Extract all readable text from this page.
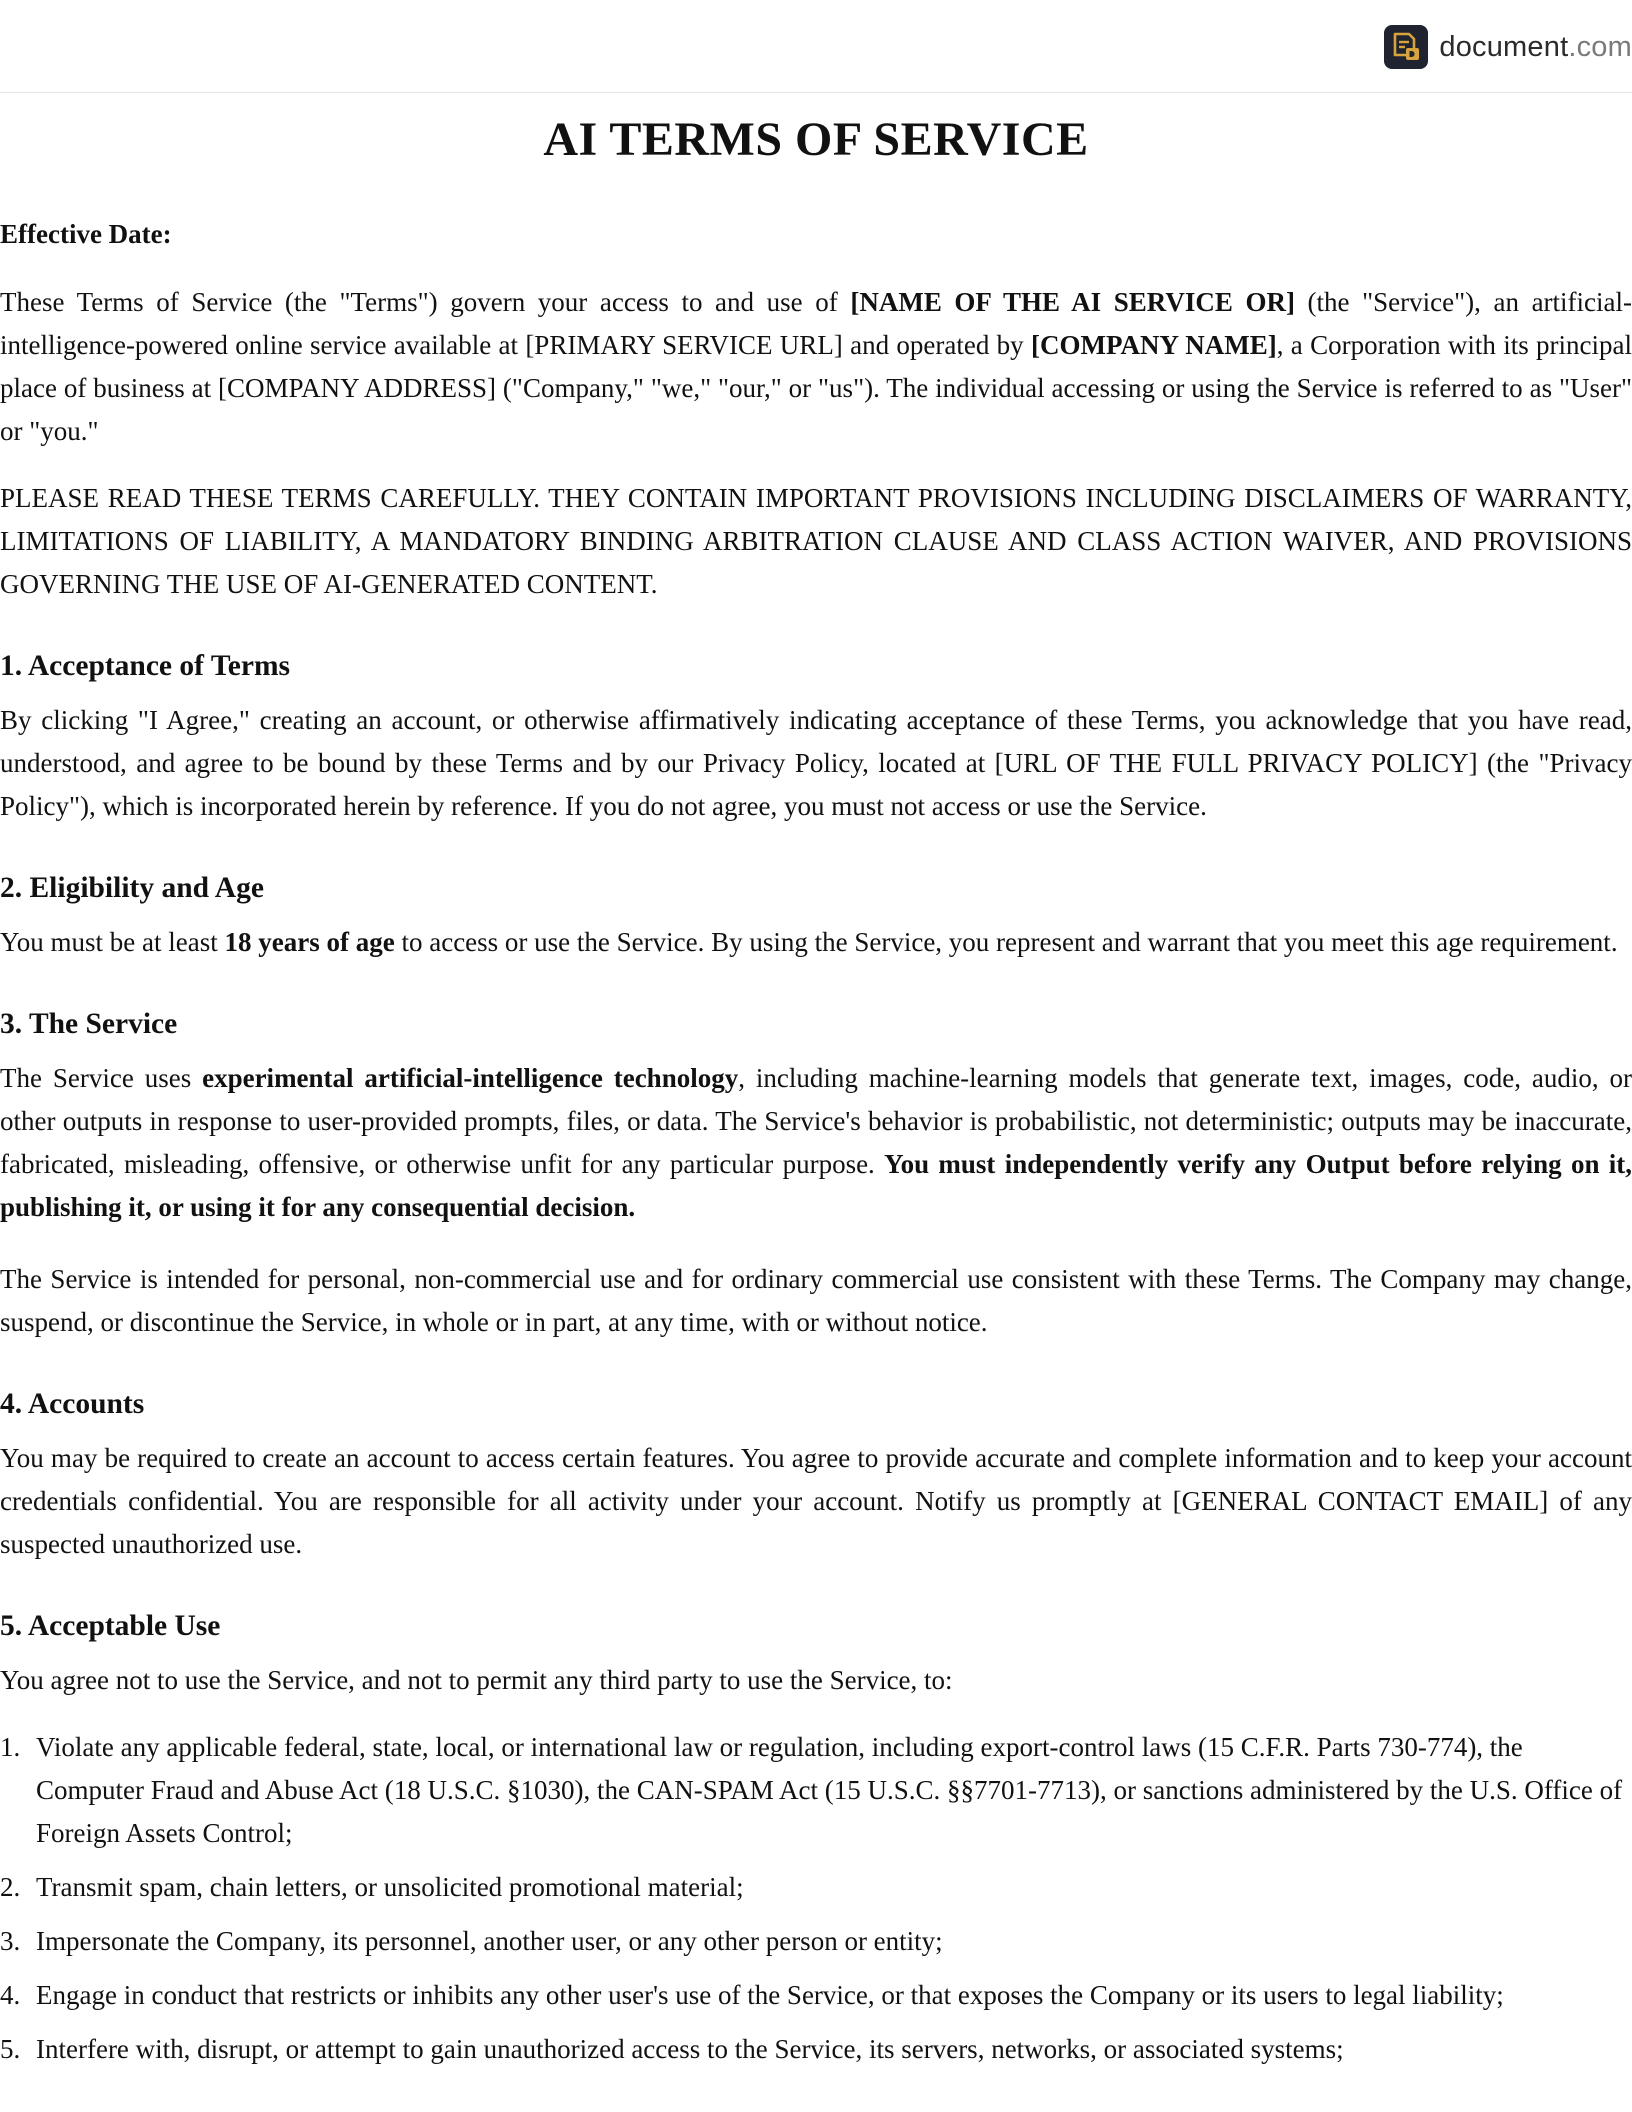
document.com
AI TERMS OF SERVICE
Effective Date:

These Terms of Service (the "Terms") govern your access to and use of [NAME OF THE AI SERVICE OR] (the "Service"), an artificial-intelligence-powered online service available at [PRIMARY SERVICE URL] and operated by [COMPANY NAME], a Corporation with its principal place of business at [COMPANY ADDRESS] ("Company," "we," "our," or "us"). The individual accessing or using the Service is referred to as "User" or "you."

PLEASE READ THESE TERMS CAREFULLY. THEY CONTAIN IMPORTANT PROVISIONS INCLUDING DISCLAIMERS OF WARRANTY, LIMITATIONS OF LIABILITY, A MANDATORY BINDING ARBITRATION CLAUSE AND CLASS ACTION WAIVER, AND PROVISIONS GOVERNING THE USE OF AI-GENERATED CONTENT.

1. Acceptance of Terms

By clicking "I Agree," creating an account, or otherwise affirmatively indicating acceptance of these Terms, you acknowledge that you have read, understood, and agree to be bound by these Terms and by our Privacy Policy, located at [URL OF THE FULL PRIVACY POLICY] (the "Privacy Policy"), which is incorporated herein by reference. If you do not agree, you must not access or use the Service.

2. Eligibility and Age

You must be at least 18 years of age to access or use the Service. By using the Service, you represent and warrant that you meet this age requirement.

3. The Service

The Service uses experimental artificial-intelligence technology, including machine-learning models that generate text, images, code, audio, or other outputs in response to user-provided prompts, files, or data. The Service's behavior is probabilistic, not deterministic; outputs may be inaccurate, fabricated, misleading, offensive, or otherwise unfit for any particular purpose. You must independently verify any Output before relying on it, publishing it, or using it for any consequential decision.

The Service is intended for personal, non-commercial use and for ordinary commercial use consistent with these Terms. The Company may change, suspend, or discontinue the Service, in whole or in part, at any time, with or without notice.

4. Accounts

You may be required to create an account to access certain features. You agree to provide accurate and complete information and to keep your account credentials confidential. You are responsible for all activity under your account. Notify us promptly at [GENERAL CONTACT EMAIL] of any suspected unauthorized use.

5. Acceptable Use

You agree not to use the Service, and not to permit any third party to use the Service, to:

1. Violate any applicable federal, state, local, or international law or regulation, including export-control laws (15 C.F.R. Parts 730-774), the Computer Fraud and Abuse Act (18 U.S.C. §1030), the CAN-SPAM Act (15 U.S.C. §§7701-7713), or sanctions administered by the U.S. Office of Foreign Assets Control;
2. Transmit spam, chain letters, or unsolicited promotional material;
3. Impersonate the Company, its personnel, another user, or any other person or entity;
4. Engage in conduct that restricts or inhibits any other user's use of the Service, or that exposes the Company or its users to legal liability;
5. Interfere with, disrupt, or attempt to gain unauthorized access to the Service, its servers, networks, or associated systems;
